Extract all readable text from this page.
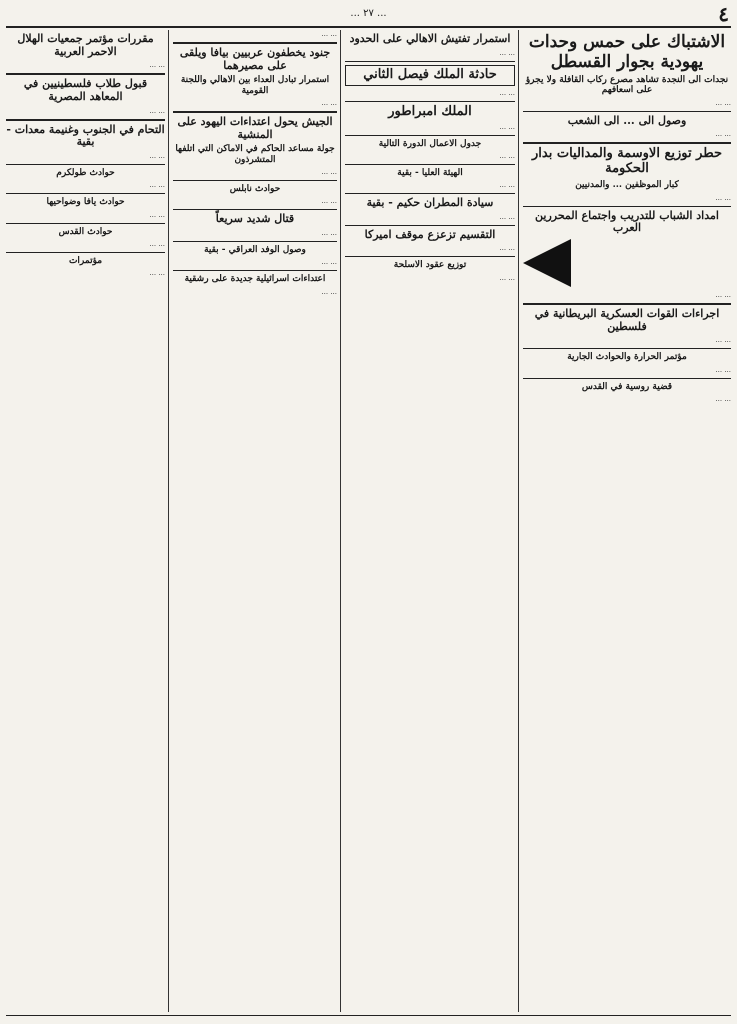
٤
... ٢٧ ...
الاشتباك على حمس وحدات يهودية بجوار القسطل
نجدات الى النجدة تشاهد مصرع ركاب القافلة ولا يجرؤ على اسعافهم
... ...
وصول الى ... الى الشعب
... ...
حطر توزيع الاوسمة والمداليات بدار الحكومة
كبار الموظفين ... والمدنيين
... ...
امداد الشباب للتدريب واجتماع المحررين العرب
... ...
اجراءات القوات العسكرية البريطانية في فلسطين
... ...
مؤتمر الحرارة والحوادث الجارية
... ...
قضية روسية في القدس
... ...
استمرار تفتيش الاهالي على الحدود
... ...
حادثة الملك فيصل الثاني
... ...
الملك امبراطور
... ...
جدول الاعمال الدورة التالية
... ...
الهيئة العليا - بقية
... ...
سيادة المطران حكيم - بقية
... ...
التقسيم تزعزع موقف اميركا
... ...
توزيع عقود الاسلحة
... ...
... ...
جنود يخطفون عربيين بيافا ويلقى على مصيرهما
استمرار تبادل العداء بين الاهالي واللجنة القومية
... ...
الجيش يحول اعتداءات اليهود على المنشية
جولة مساعد الحاكم في الاماكن التي اتلفها المتشرذون
... ...
حوادث نابلس
... ...
قتال شديد سريعاً
... ...
وصول الوفد العراقي - بقية
... ...
اعتداءات اسرائيلية جديدة على رشقية
... ...
مقررات مؤتمر جمعيات الهلال الاحمر العربية
... ...
قبول طلاب فلسطينيين في المعاهد المصرية
... ...
التحام في الجنوب وغنيمة معدات - بقية
... ...
حوادث طولكرم
... ...
حوادث يافا وضواحيها
... ...
حوادث القدس
... ...
مؤتمرات
... ...
